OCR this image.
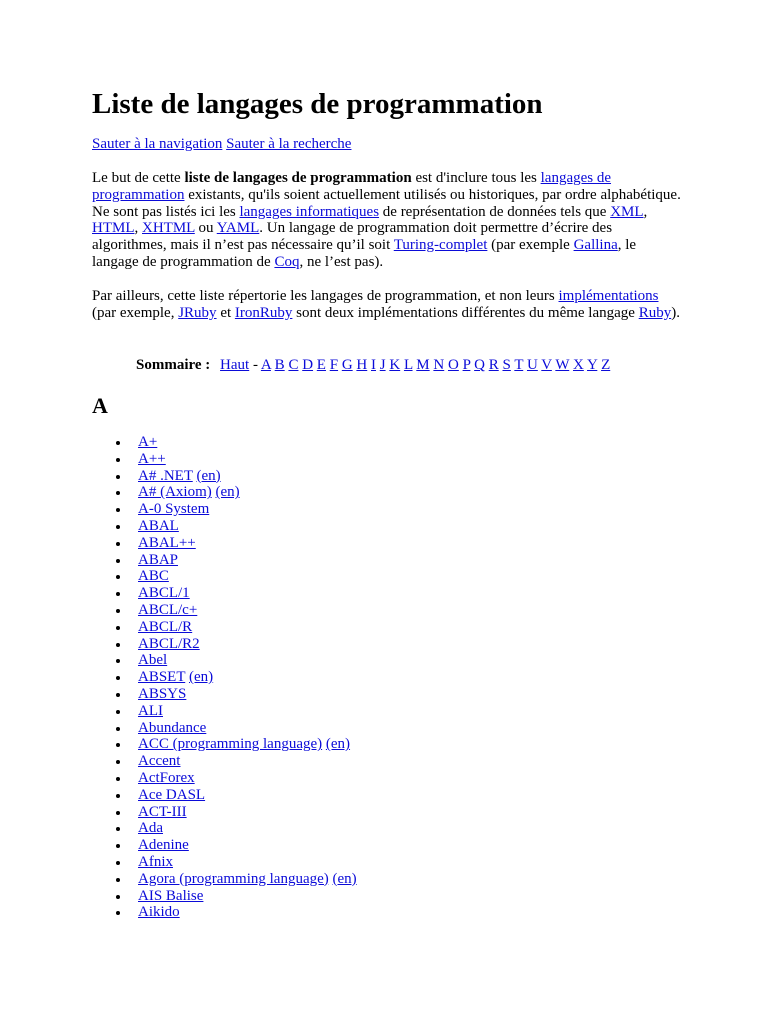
Liste de langages de programmation
Sauter à la navigation Sauter à la recherche

Le but de cette liste de langages de programmation est d'inclure tous les langages de programmation existants, qu'ils soient actuellement utilisés ou historiques, par ordre alphabétique. Ne sont pas listés ici les langages informatiques de représentation de données tels que XML, HTML, XHTML ou YAML. Un langage de programmation doit permettre d’écrire des algorithmes, mais il n’est pas nécessaire qu’il soit Turing-complet (par exemple Gallina, le langage de programmation de Coq, ne l’est pas).

Par ailleurs, cette liste répertorie les langages de programmation, et non leurs implémentations (par exemple, JRuby et IronRuby sont deux implémentations différentes du même langage Ruby).

Sommaire : Haut - A B C D E F G H I J K L M N O P Q R S T U V W X Y Z
A
A+
A++
A# .NET (en)
A# (Axiom) (en)
A-0 System
ABAL
ABAL++
ABAP
ABC
ABCL/1
ABCL/c+
ABCL/R
ABCL/R2
Abel
ABSET (en)
ABSYS
ALI
Abundance
ACC (programming language) (en)
Accent
ActForex
Ace DASL
ACT-III
Ada
Adenine
Afnix
Agora (programming language) (en)
AIS Balise
Aikido
